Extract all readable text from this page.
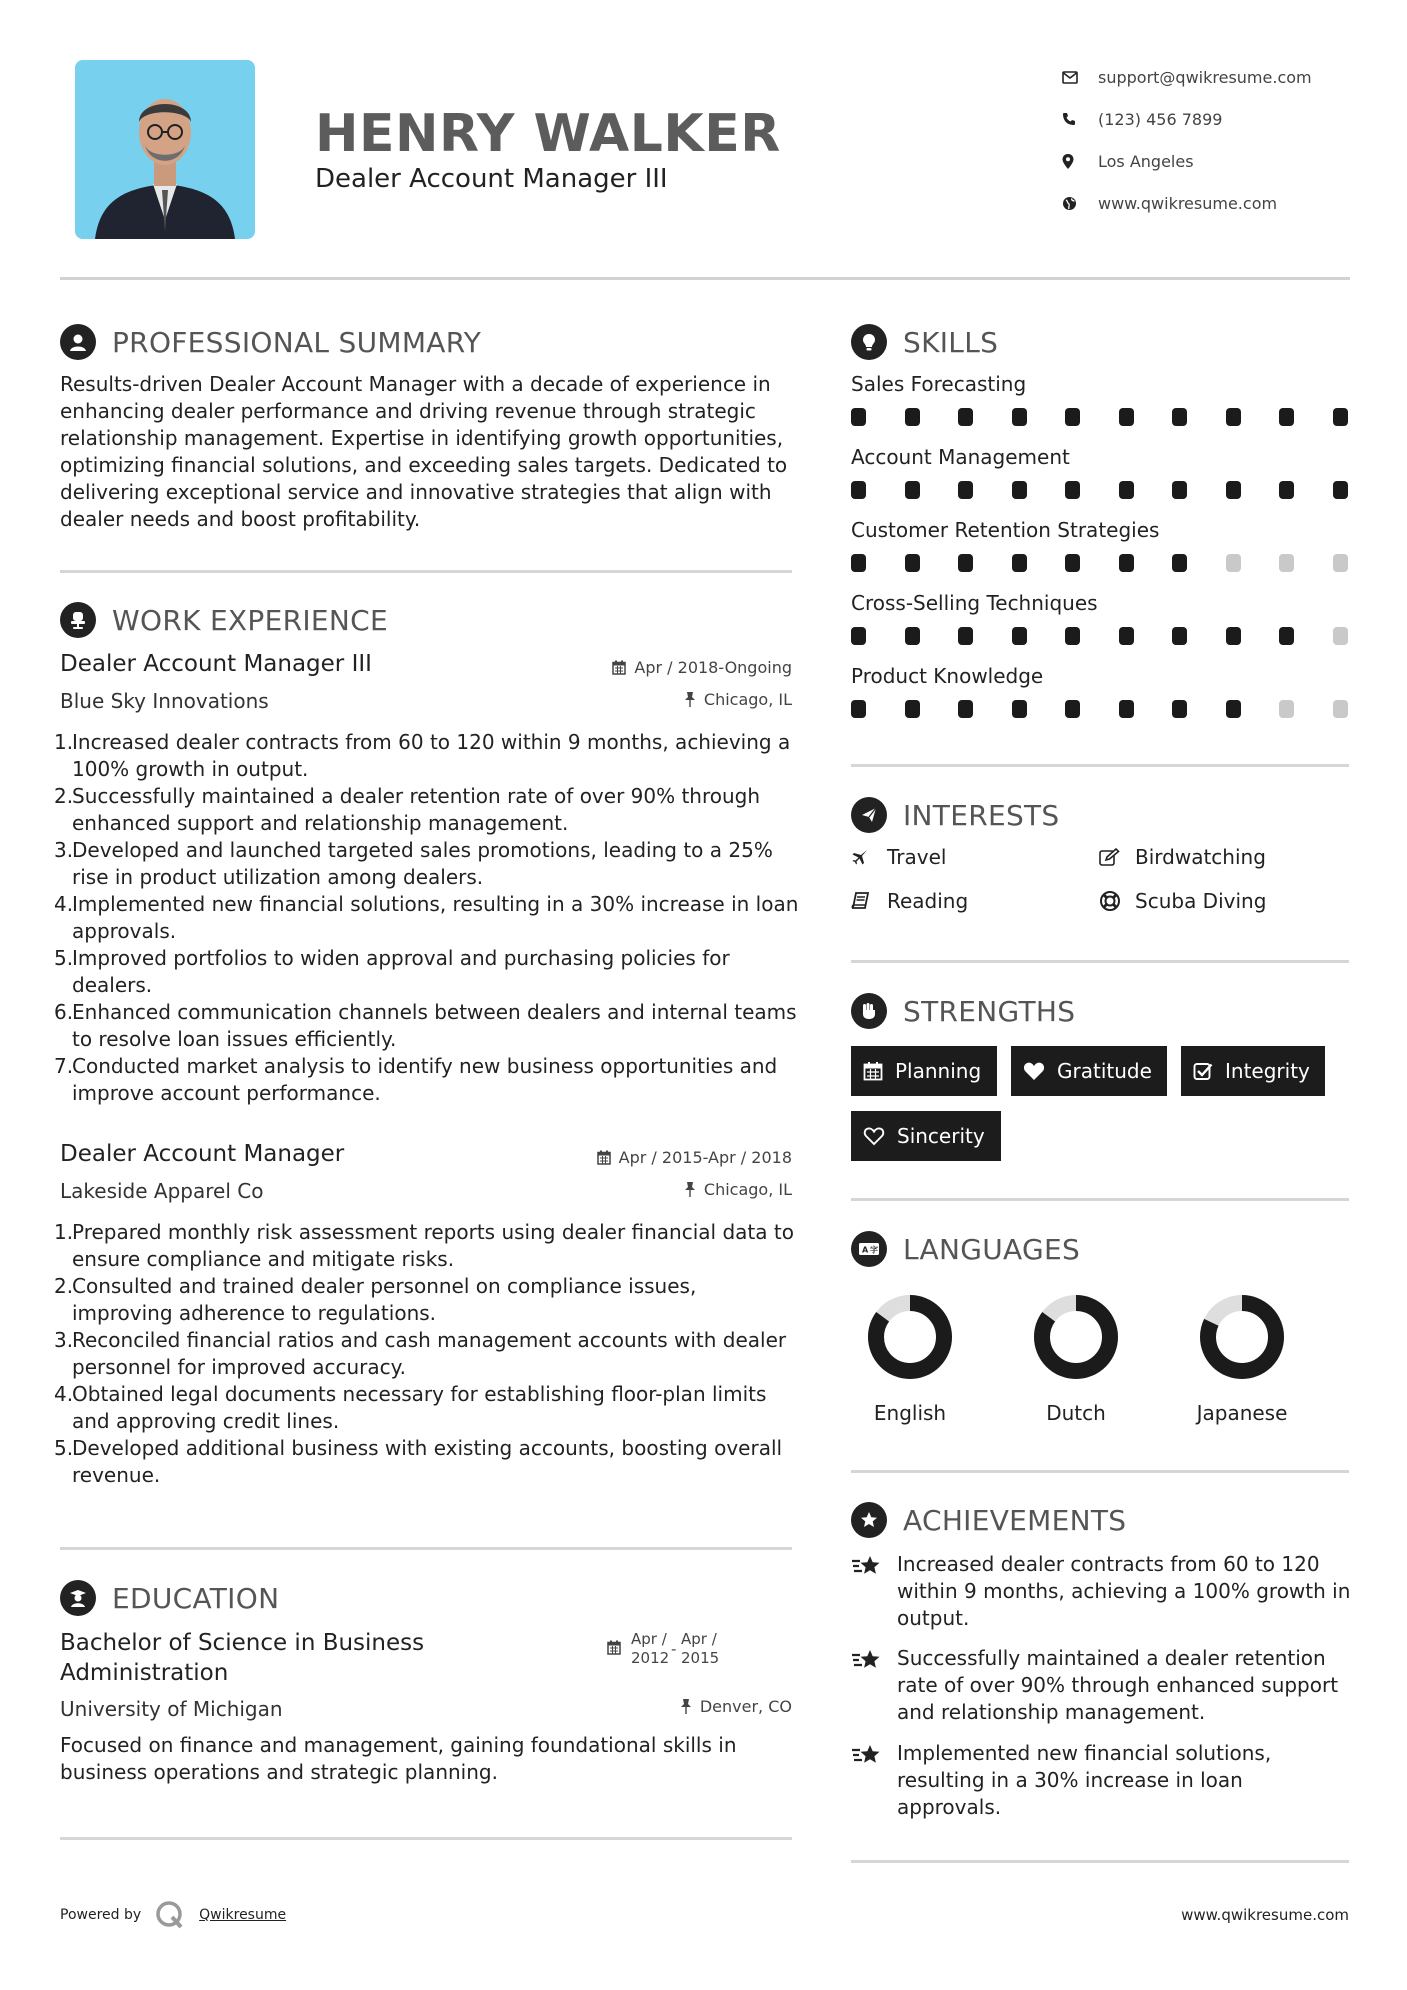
HENRY WALKER
Dealer Account Manager III
support@qwikresume.com
(123) 456 7899
Los Angeles
www.qwikresume.com
PROFESSIONAL SUMMARY
Results-driven Dealer Account Manager with a decade of experience in enhancing dealer performance and driving revenue through strategic relationship management. Expertise in identifying growth opportunities, optimizing financial solutions, and exceeding sales targets. Dedicated to delivering exceptional service and innovative strategies that align with dealer needs and boost profitability.
WORK EXPERIENCE
Dealer Account Manager III	Apr / 2018-Ongoing
Blue Sky Innovations	Chicago, IL
1.
Increased dealer contracts from 60 to 120 within 9 months, achieving a 100% growth in output.
2.
Successfully maintained a dealer retention rate of over 90% through enhanced support and relationship management.
3.
Developed and launched targeted sales promotions, leading to a 25% rise in product utilization among dealers.
4.
Implemented new financial solutions, resulting in a 30% increase in loan approvals.
5.
Improved portfolios to widen approval and purchasing policies for dealers.
6.
Enhanced communication channels between dealers and internal teams to resolve loan issues efficiently.
7.
Conducted market analysis to identify new business opportunities and improve account performance.
Dealer Account Manager	Apr / 2015-Apr / 2018
Lakeside Apparel Co	Chicago, IL
1.
Prepared monthly risk assessment reports using dealer financial data to ensure compliance and mitigate risks.
2.
Consulted and trained dealer personnel on compliance issues, improving adherence to regulations.
3.
Reconciled financial ratios and cash management accounts with dealer personnel for improved accuracy.
4.
Obtained legal documents necessary for establishing floor-plan limits and approving credit lines.
5.
Developed additional business with existing accounts, boosting overall revenue.
EDUCATION
Bachelor of Science in Business
Administration
Apr /
2012 -
Apr /
2015
University of Michigan	Denver, CO
Focused on finance and management, gaining foundational skills in business operations and strategic planning.
SKILLS
Sales Forecasting
Account Management
Customer Retention Strategies
Cross-Selling Techniques
Product Knowledge
INTERESTS
Travel	Birdwatching
Reading	Scuba Diving
STRENGTHS
Planning	Gratitude	Integrity
Sincerity
A 字 LANGUAGES
English	Dutch	Japanese
ACHIEVEMENTS
Increased dealer contracts from 60 to 120 within 9 months, achieving a 100% growth in output.
Successfully maintained a dealer retention rate of over 90% through enhanced support and relationship management.
Implemented new financial solutions, resulting in a 30% increase in loan approvals.
Powered by	Qwikresume	www.qwikresume.com
